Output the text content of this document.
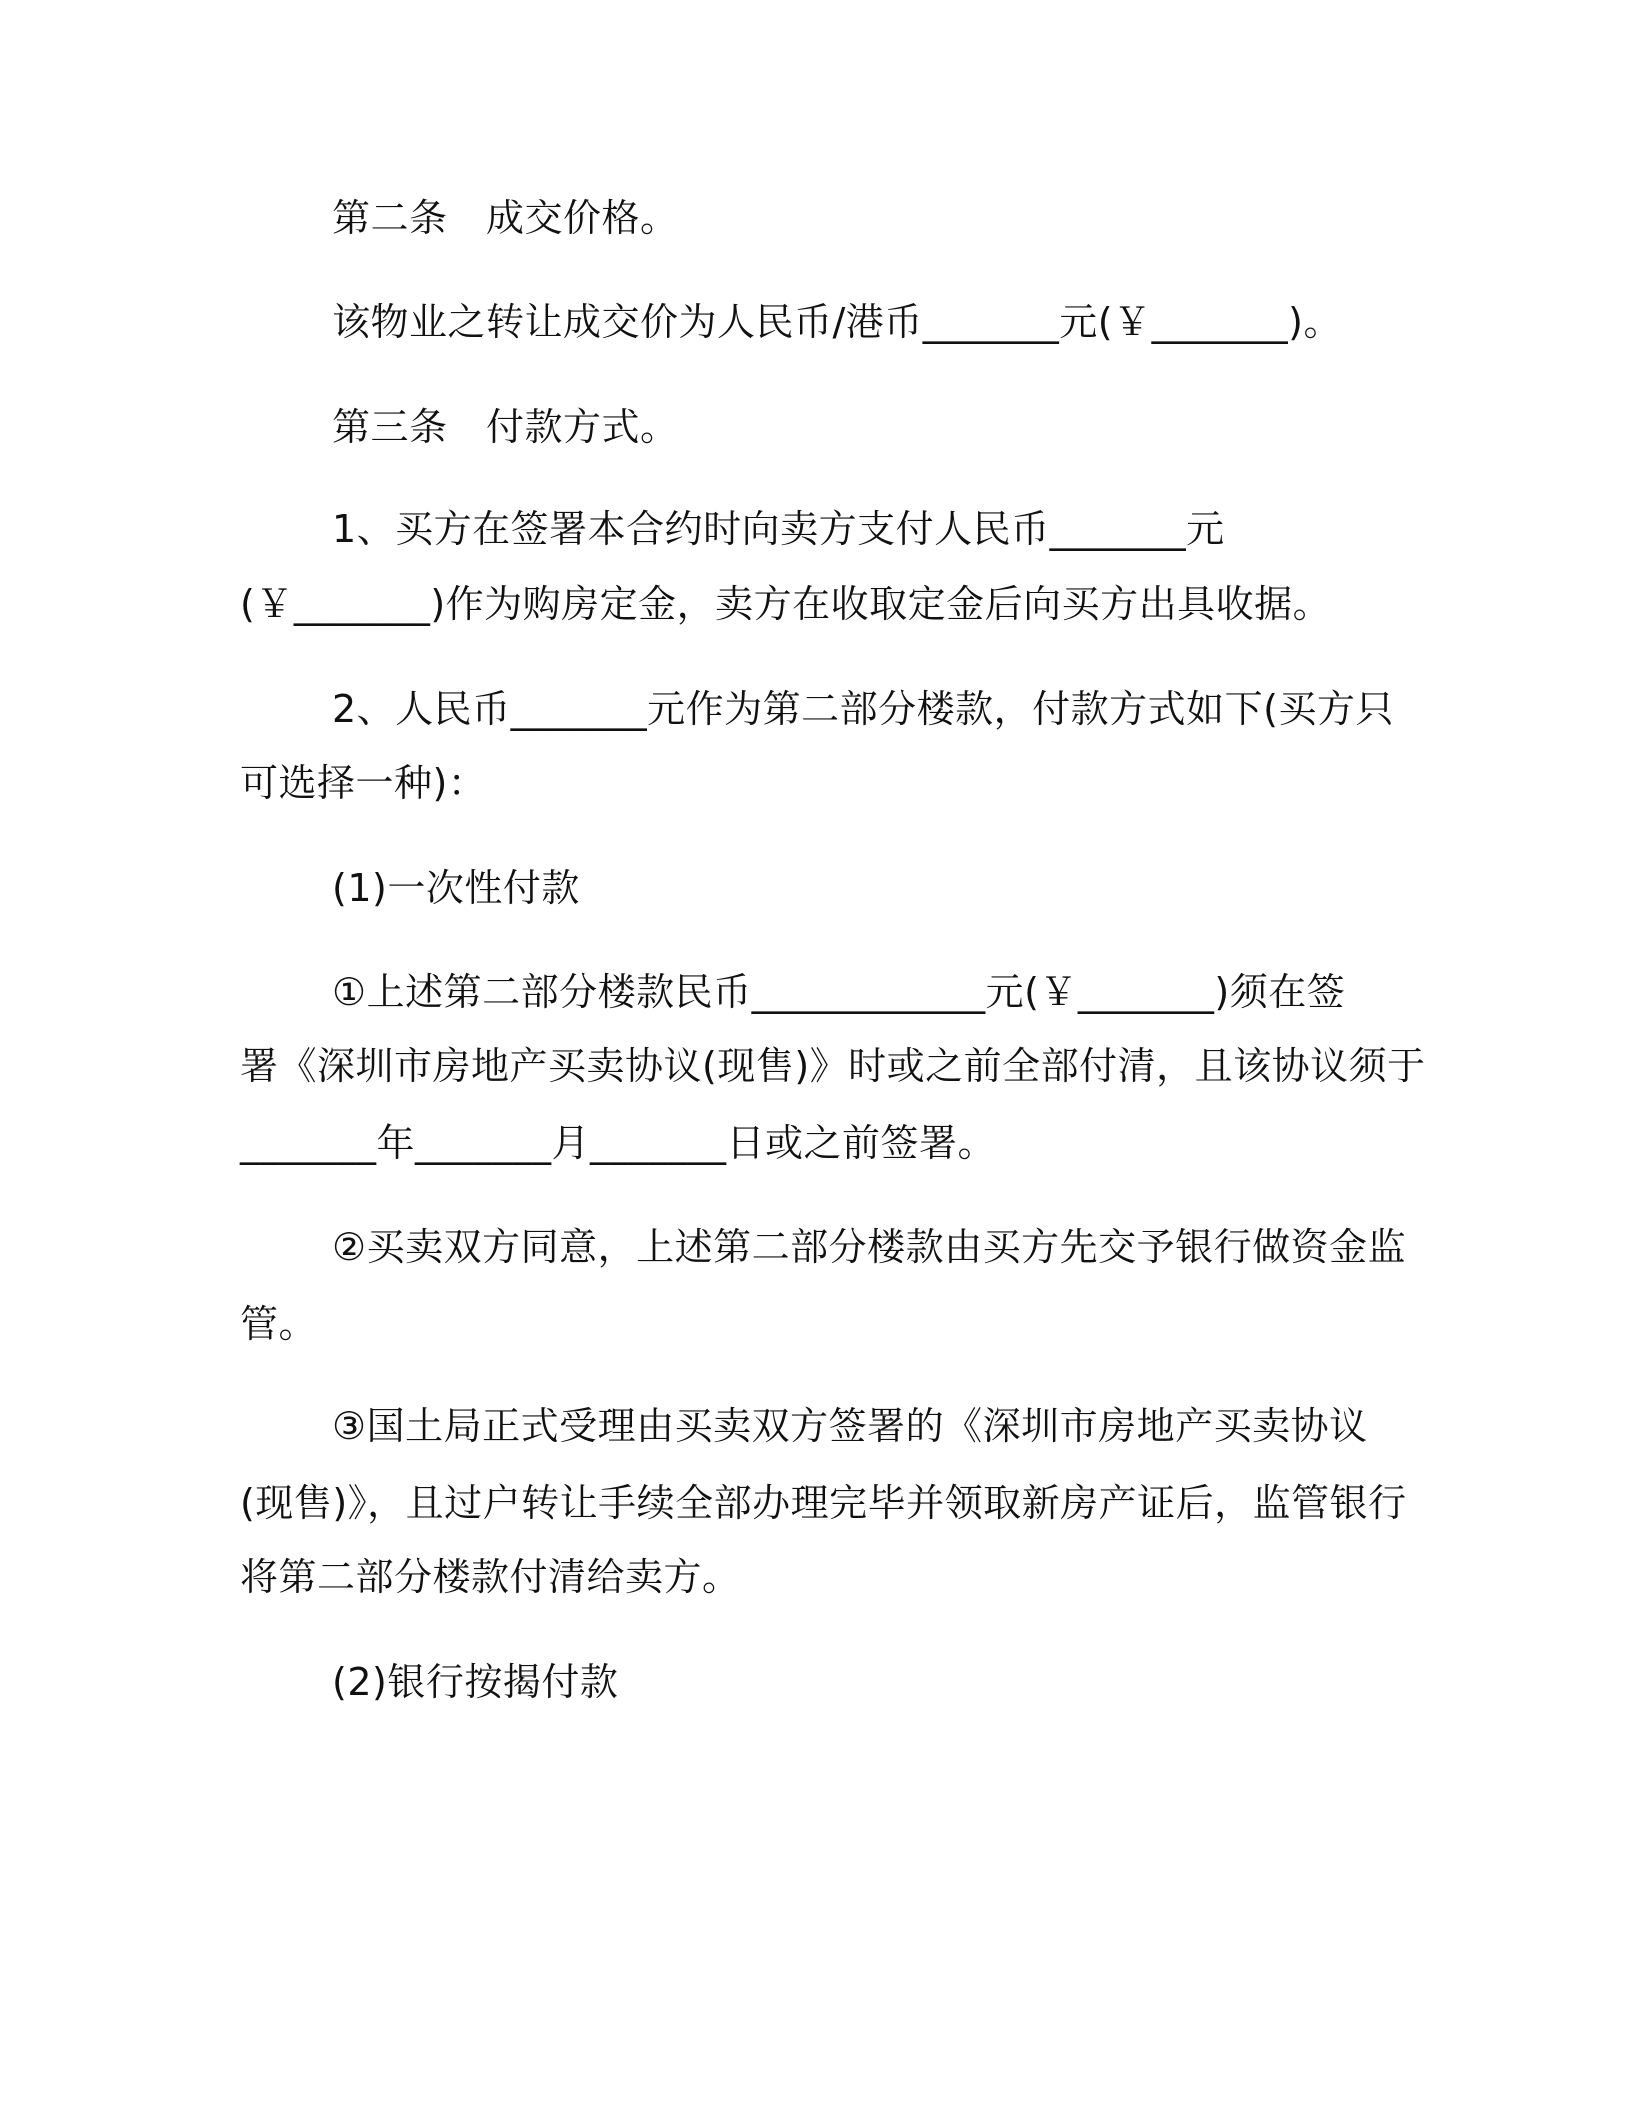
第二条　成交价格。
该物业之转让成交价为人民币/港币_______元(￥_______)。
第三条　付款方式。
1、买方在签署本合约时向卖方支付人民币_______元
(￥_______)作为购房定金，卖方在收取定金后向买方出具收据。
2、人民币_______元作为第二部分楼款，付款方式如下(买方只
可选择一种)：
(1)一次性付款
①上述第二部分楼款民币____________元(￥_______)须在签
署《深圳市房地产买卖协议(现售)》时或之前全部付清，且该协议须于
_______年_______月_______日或之前签署。
②买卖双方同意，上述第二部分楼款由买方先交予银行做资金监
管。
③国土局正式受理由买卖双方签署的《深圳市房地产买卖协议
(现售)》，且过户转让手续全部办理完毕并领取新房产证后，监管银行
将第二部分楼款付清给卖方。
(2)银行按揭付款
